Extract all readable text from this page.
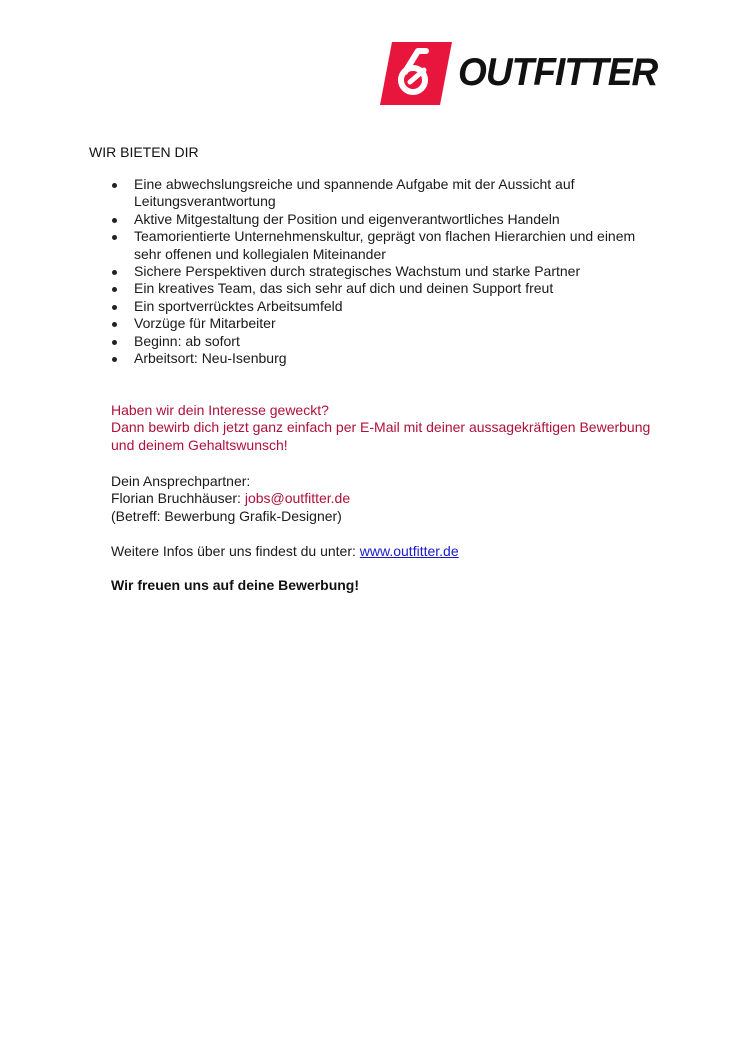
OUTFITTER
WIR BIETEN DIR
Eine abwechslungsreiche und spannende Aufgabe mit der Aussicht auf Leitungsverantwortung
Aktive Mitgestaltung der Position und eigenverantwortliches Handeln
Teamorientierte Unternehmenskultur, geprägt von flachen Hierarchien und einem sehr offenen und kollegialen Miteinander
Sichere Perspektiven durch strategisches Wachstum und starke Partner
Ein kreatives Team, das sich sehr auf dich und deinen Support freut
Ein sportverrücktes Arbeitsumfeld
Vorzüge für Mitarbeiter
Beginn: ab sofort
Arbeitsort: Neu-Isenburg

Haben wir dein Interesse geweckt?

Dann bewirb dich jetzt ganz einfach per E-Mail mit deiner aussagekräftigen Bewerbung und deinem Gehaltswunsch!

Dein Ansprechpartner:

Florian Bruchhäuser: jobs@outfitter.de

(Betreff: Bewerbung Grafik-Designer)

Weitere Infos über uns findest du unter: www.outfitter.de
Wir freuen uns auf deine Bewerbung!
